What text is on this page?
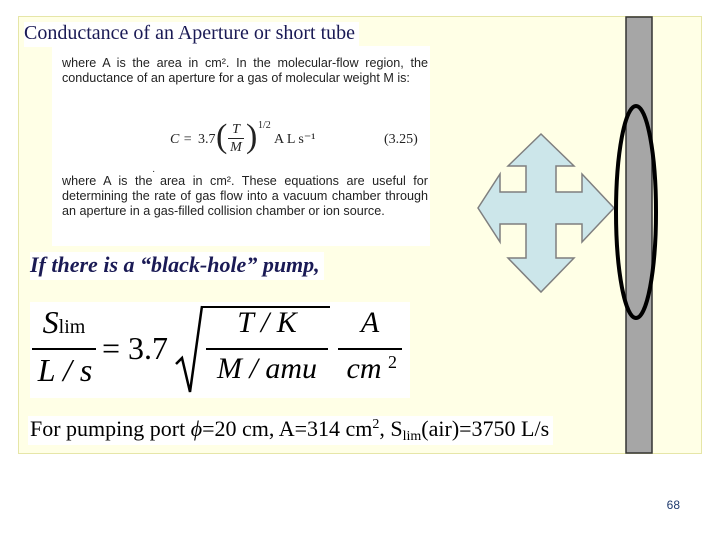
Conductance of an Aperture or short tube
where A is the area in cm². In the molecular-flow region, the conductance of an aperture for a gas of molecular weight M is:
C = 3.7 ( T
M ) 1/2
A L s⁻¹	(3.25)
·
where A is the area in cm². These equations are useful for determining the rate of gas flow into a vacuum chamber through an aperture in a gas-filled collision chamber or ion source.
If there is a “black-hole” pump,
Slim
L / s
= 3.7
T / K
M / amu
A
cm 2
For pumping port ϕ=20 cm, A=314 $cm^2$, $S_{lim}(air)=3750$ L/s
68
